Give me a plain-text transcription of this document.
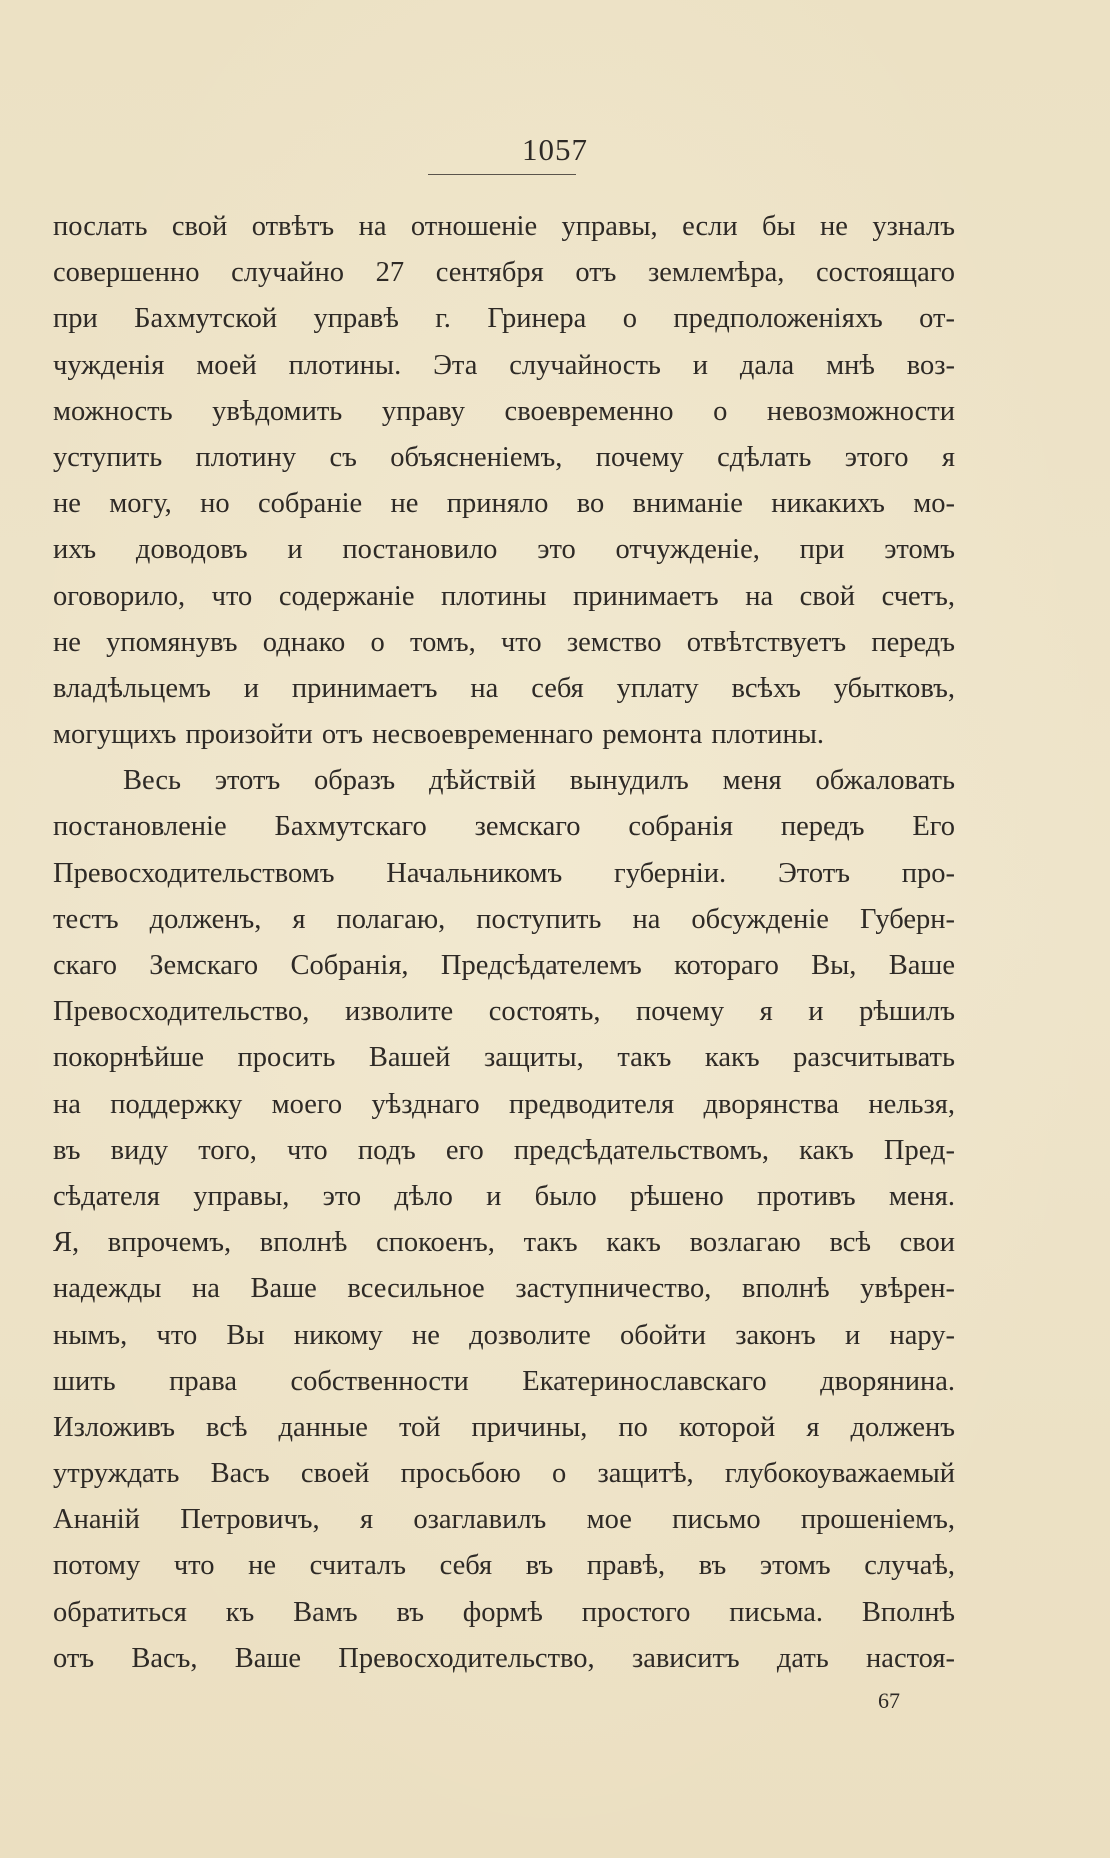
1057
послать свой отвѣтъ на отношеніе управы, если бы не узналъ
совершенно случайно 27 сентября отъ землемѣра, состоящаго
при Бахмутской управѣ г. Гринера о предположеніяхъ от-
чужденія моей плотины. Эта случайность и дала мнѣ воз-
можность увѣдомить управу своевременно о невозможности
уступить плотину съ объясненіемъ, почему сдѣлать этого я
не могу, но собраніе не приняло во вниманіе никакихъ мо-
ихъ доводовъ и постановило это отчужденіе, при этомъ
оговорило, что содержаніе плотины принимаетъ на свой счетъ,
не упомянувъ однако о томъ, что земство отвѣтствуетъ передъ
владѣльцемъ и принимаетъ на себя уплату всѣхъ убытковъ,
могущихъ произойти отъ несвоевременнаго ремонта плотины.
Весь этотъ образъ дѣйствій вынудилъ меня обжаловать
постановленіе Бахмутскаго земскаго собранія передъ Его
Превосходительствомъ Начальникомъ губерніи. Этотъ про-
тестъ долженъ, я полагаю, поступить на обсужденіе Губерн-
скаго Земскаго Собранія, Предсѣдателемъ котораго Вы, Ваше
Превосходительство, изволите состоять, почему я и рѣшилъ
покорнѣйше просить Вашей защиты, такъ какъ разсчитывать
на поддержку моего уѣзднаго предводителя дворянства нельзя,
въ виду того, что подъ его предсѣдательствомъ, какъ Пред-
сѣдателя управы, это дѣло и было рѣшено противъ меня.
Я, впрочемъ, вполнѣ спокоенъ, такъ какъ возлагаю всѣ свои
надежды на Ваше всесильное заступничество, вполнѣ увѣрен-
нымъ, что Вы никому не дозволите обойти законъ и нару-
шить права собственности Екатеринославскаго дворянина.
Изложивъ всѣ данные той причины, по которой я долженъ
утруждать Васъ своей просьбою о защитѣ, глубокоуважаемый
Ананій Петровичъ, я озаглавилъ мое письмо прошеніемъ,
потому что не считалъ себя въ правѣ, въ этомъ случаѣ,
обратиться къ Вамъ въ формѣ простого письма. Вполнѣ
отъ Васъ, Ваше Превосходительство, зависитъ дать настоя-
67
